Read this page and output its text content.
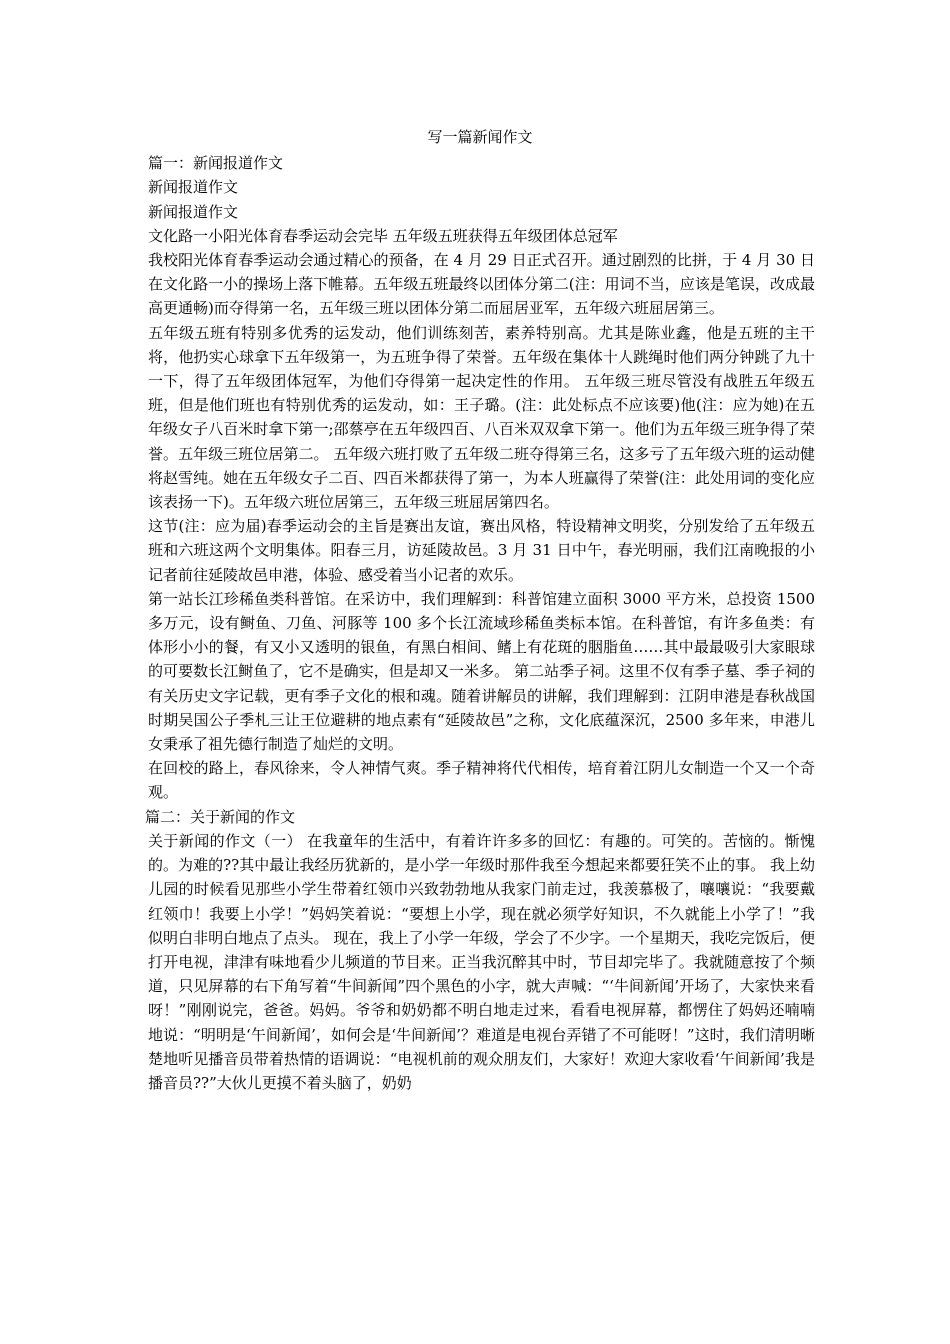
写一篇新闻作文

篇一：新闻报道作文

新闻报道作文

新闻报道作文

文化路一小阳光体育春季运动会完毕 五年级五班获得五年级团体总冠军

我校阳光体育春季运动会通过精心的预备，在 4 月 29 日正式召开。通过剧烈的比拼，于 4 月 30 日在文化路一小的操场上落下帷幕。五年级五班最终以团体分第二(注：用词不当，应该是笔误，改成最高更通畅)而夺得第一名，五年级三班以团体分第二而屈居亚军，五年级六班屈居第三。

五年级五班有特别多优秀的运发动，他们训练刻苦，素养特别高。尤其是陈业鑫，他是五班的主干将，他扔实心球拿下五年级第一，为五班争得了荣誉。五年级在集体十人跳绳时他们两分钟跳了九十一下，得了五年级团体冠军，为他们夺得第一起决定性的作用。 五年级三班尽管没有战胜五年级五班，但是他们班也有特别优秀的运发动，如：王子璐。(注：此处标点不应该要)他(注：应为她)在五年级女子八百米时拿下第一;邵蔡亭在五年级四百、八百米双双拿下第一。他们为五年级三班争得了荣誉。五年级三班位居第二。 五年级六班打败了五年级二班夺得第三名，这多亏了五年级六班的运动健将赵雪纯。她在五年级女子二百、四百米都获得了第一，为本人班赢得了荣誉(注：此处用词的变化应该表扬一下)。五年级六班位居第三，五年级三班屈居第四名。

这节(注：应为届)春季运动会的主旨是赛出友谊，赛出风格，特设精神文明奖，分别发给了五年级五班和六班这两个文明集体。阳春三月，访延陵故邑。3 月 31 日中午，春光明丽，我们江南晚报的小记者前往延陵故邑申港，体验、感受着当小记者的欢乐。

第一站长江珍稀鱼类科普馆。在采访中，我们理解到：科普馆建立面积 3000 平方米，总投资 1500 多万元，设有鲥鱼、刀鱼、河豚等 100 多个长江流域珍稀鱼类标本馆。在科普馆，有许多鱼类：有体形小小的餐，有又小又透明的银鱼，有黑白相间、鳍上有花斑的胭脂鱼……其中最最吸引大家眼球的可要数长江鲥鱼了，它不是确实，但是却又一米多。 第二站季子祠。这里不仅有季子墓、季子祠的有关历史文字记载，更有季子文化的根和魂。随着讲解员的讲解，我们理解到：江阴申港是春秋战国时期吴国公子季札三让王位避耕的地点素有“延陵故邑”之称，文化底蕴深沉，2500 多年来，申港儿女秉承了祖先德行制造了灿烂的文明。

在回校的路上，春风徐来，令人神情气爽。季子精神将代代相传，培育着江阴儿女制造一个又一个奇观。

篇二：关于新闻的作文

关于新闻的作文（一） 在我童年的生活中，有着许许多多的回忆：有趣的。可笑的。苦恼的。惭愧的。为难的??其中最让我经历犹新的，是小学一年级时那件我至今想起来都要狂笑不止的事。 我上幼儿园的时候看见那些小学生带着红领巾兴致勃勃地从我家门前走过，我羡慕极了，嚷嚷说：“我要戴红领巾！我要上小学！”妈妈笑着说：“要想上小学，现在就必须学好知识，不久就能上小学了！”我似明白非明白地点了点头。 现在，我上了小学一年级，学会了不少字。一个星期天，我吃完饭后，便打开电视，津津有味地看少儿频道的节目来。正当我沉醉其中时，节目却完毕了。我就随意按了个频道，只见屏幕的右下角写着“牛间新闻”四个黑色的小字，就大声喊：“‘牛间新闻’开场了，大家快来看呀！”刚刚说完，爸爸。妈妈。爷爷和奶奶都不明白地走过来，看看电视屏幕，都愣住了妈妈还喃喃地说：“明明是‘午间新闻’，如何会是‘牛间新闻’？难道是电视台弄错了不可能呀！”这时，我们清明晰楚地听见播音员带着热情的语调说：“电视机前的观众朋友们，大家好！欢迎大家收看‘午间新闻’我是播音员??”大伙儿更摸不着头脑了，奶奶
